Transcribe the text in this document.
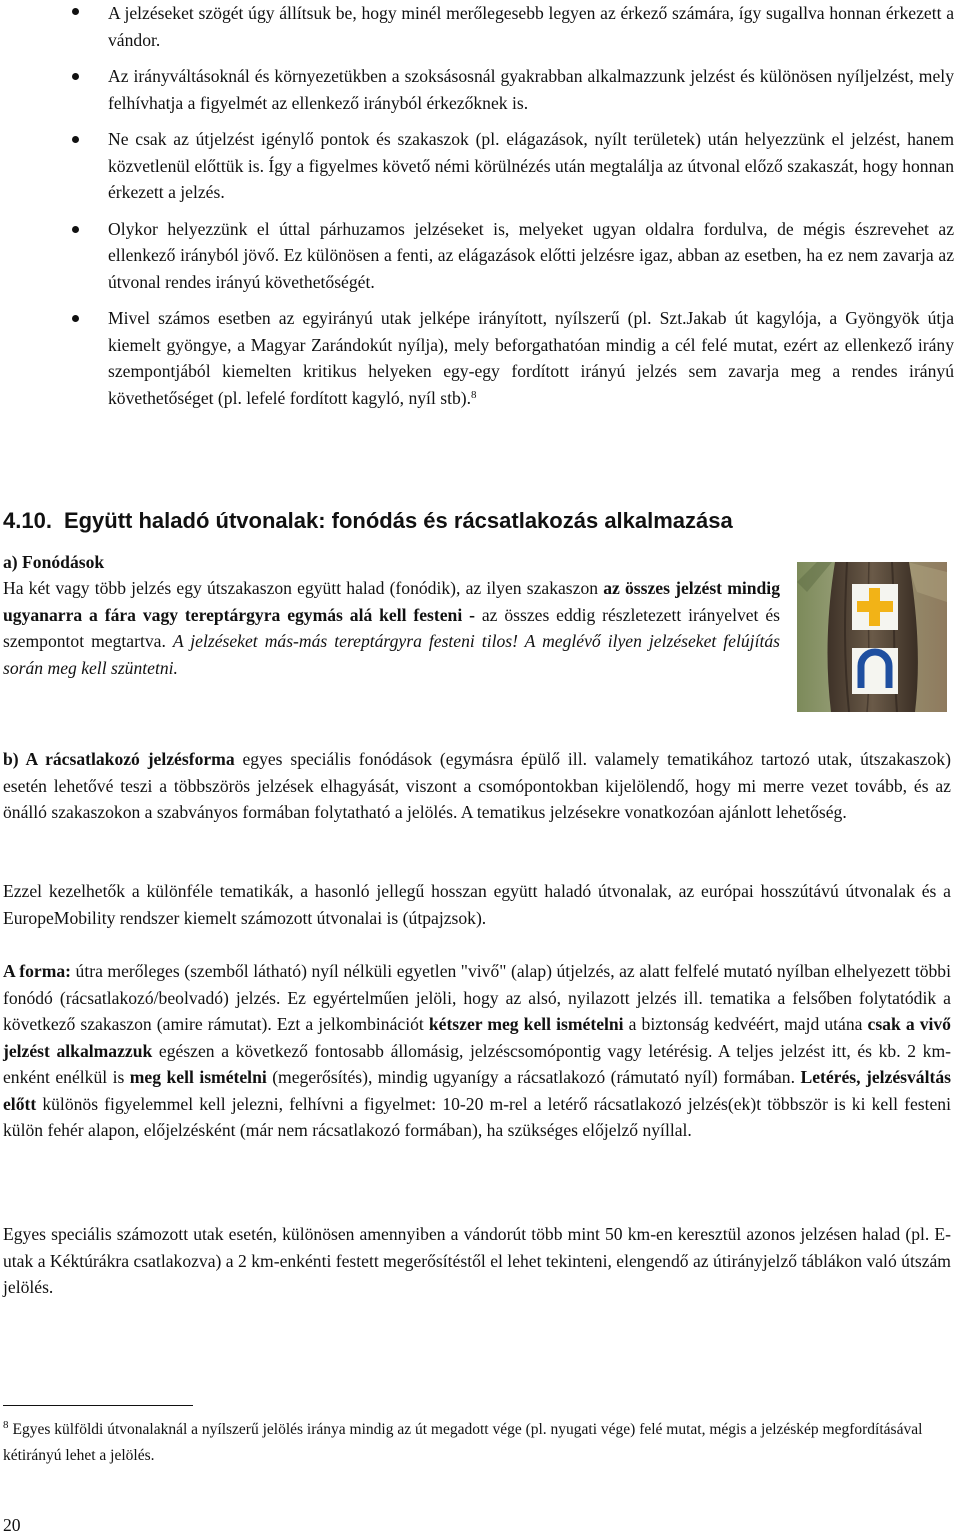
A jelzéseket szögét úgy állítsuk be, hogy minél merőlegesebb legyen az érkező számára, így sugallva honnan érkezett a vándor.
Az irányváltásoknál és környezetükben a szoksásosnál gyakrabban alkalmazzunk jelzést és különösen nyíljelzést, mely felhívhatja a figyelmét az ellenkező irányból érkezőknek is.
Ne csak az útjelzést igénylő pontok és szakaszok (pl. elágazások, nyílt területek) után helyezzünk el jelzést, hanem közvetlenül előttük is. Így a figyelmes követő némi körülnézés után megtalálja az útvonal előző szakaszát, hogy honnan érkezett a jelzés.
Olykor helyezzünk el úttal párhuzamos jelzéseket is, melyeket ugyan oldalra fordulva, de mégis észrevehet az ellenkező irányból jövő. Ez különösen a fenti, az elágazások előtti jelzésre igaz, abban az esetben, ha ez nem zavarja az útvonal rendes irányú követhetőségét.
Mivel számos esetben az egyirányú utak jelképe irányított, nyílszerű (pl. Szt.Jakab út kagylója, a Gyöngyök útja kiemelt gyöngye, a Magyar Zarándokút nyílja), mely beforgathatóan mindig a cél felé mutat, ezért az ellenkező irány szempontjából kiemelten kritikus helyeken egy-egy fordított irányú jelzés sem zavarja meg a rendes irányú követhetőséget (pl. lefelé fordított kagyló, nyíl stb).$^8$
4.10. Együtt haladó útvonalak: fonódás és rácsatlakozás alkalmazása

a) Fonódások

Ha két vagy több jelzés egy útszakaszon együtt halad (fonódik), az ilyen szakaszon az összes jelzést mindig ugyanarra a fára vagy tereptárgyra egymás alá kell festeni - az összes eddig részletezett irányelvet és szempontot megtartva. A jelzéseket más-más tereptárgyra festeni tilos! A meglévő ilyen jelzéseket felújítás során meg kell szüntetni.

b) A rácsatlakozó jelzésforma egyes speciális fonódások (egymásra épülő ill. valamely tematikához tartozó utak, útszakaszok) esetén lehetővé teszi a többszörös jelzések elhagyását, viszont a csomópontokban kijelölendő, hogy mi merre vezet tovább, és az önálló szakaszokon a szabványos formában folytatható a jelölés. A tematikus jelzésekre vonatkozóan ajánlott lehetőség.

Ezzel kezelhetők a különféle tematikák, a hasonló jellegű hosszan együtt haladó útvonalak, az európai hosszútávú útvonalak és a EuropeMobility rendszer kiemelt számozott útvonalai is (útpajzsok).

A forma: útra merőleges (szemből látható) nyíl nélküli egyetlen "vivő" (alap) útjelzés, az alatt felfelé mutató nyílban elhelyezett többi fonódó (rácsatlakozó/beolvadó) jelzés. Ez egyértelműen jelöli, hogy az alsó, nyilazott jelzés ill. tematika a felsőben folytatódik a következő szakaszon (amire rámutat). Ezt a jelkombinációt kétszer meg kell ismételni a biztonság kedvéért, majd utána csak a vivő jelzést alkalmazzuk egészen a következő fontosabb állomásig, jelzéscsomópontig vagy letérésig. A teljes jelzést itt, és kb. 2 km-enként enélkül is meg kell ismételni (megerősítés), mindig ugyanígy a rácsatlakozó (rámutató nyíl) formában. Letérés, jelzésváltás előtt különös figyelemmel kell jelezni, felhívni a figyelmet: 10-20 m-rel a letérő rácsatlakozó jelzés(ek)t többször is ki kell festeni külön fehér alapon, előjelzésként (már nem rácsatlakozó formában), ha szükséges előjelző nyíllal.

Egyes speciális számozott utak esetén, különösen amennyiben a vándorút több mint 50 km-en keresztül azonos jelzésen halad (pl. E-utak a Kéktúrákra csatlakozva) a 2 km-enkénti festett megerősítéstől el lehet tekinteni, elengendő az útirányjelző táblákon való útszám jelölés.

$^8$ Egyes külföldi útvonalaknál a nyílszerű jelölés iránya mindig az út megadott vége (pl. nyugati vége) felé mutat, mégis a jelzéskép megfordításával kétirányú lehet a jelölés.

20
